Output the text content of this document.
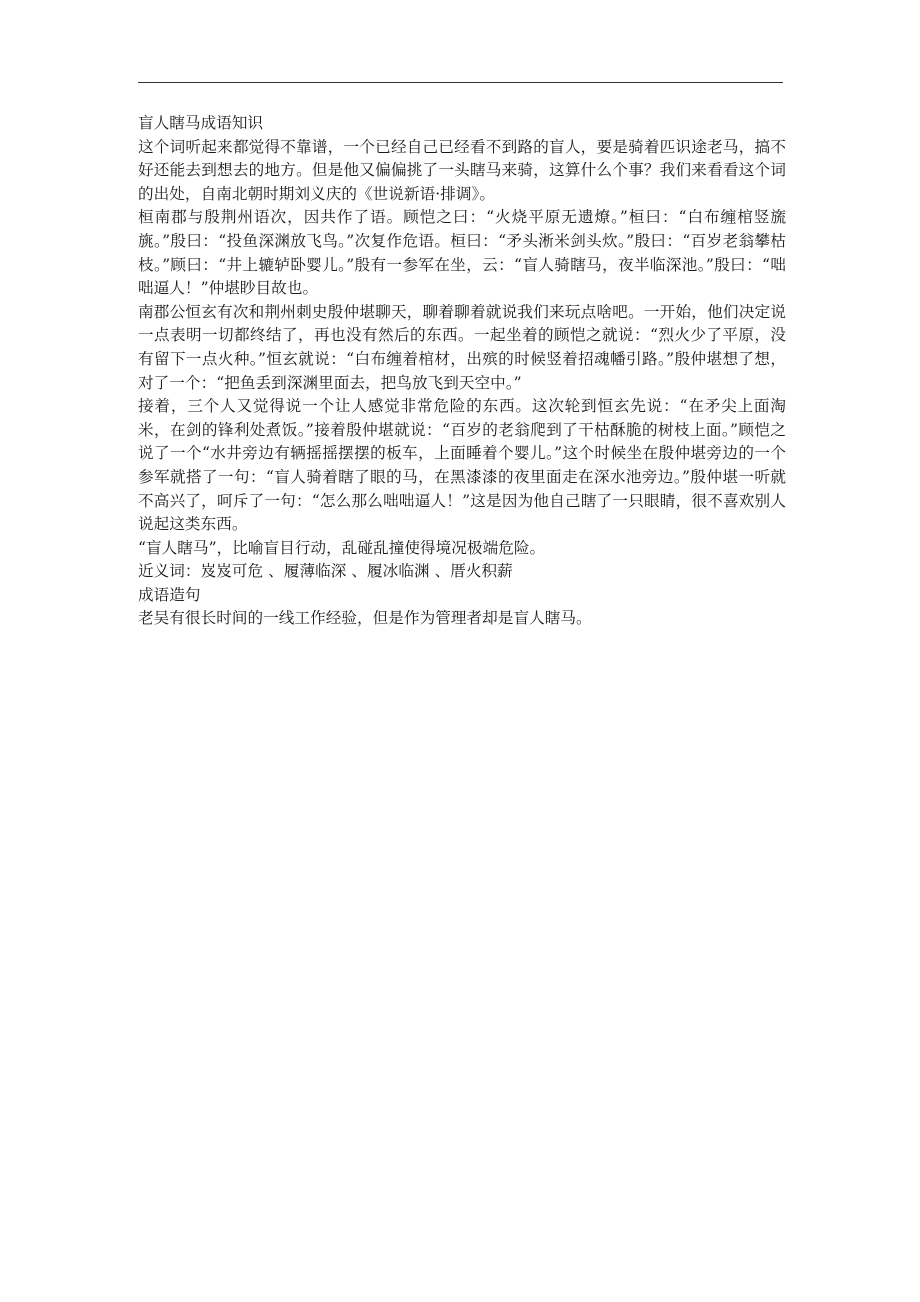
盲人瞎马成语知识

这个词听起来都觉得不靠谱，一个已经自己已经看不到路的盲人，要是骑着匹识途老马，搞不好还能去到想去的地方。但是他又偏偏挑了一头瞎马来骑，这算什么个事？我们来看看这个词的出处，自南北朝时期刘义庆的《世说新语·排调》。

桓南郡与殷荆州语次，因共作了语。顾恺之曰：“火烧平原无遗燎。”桓曰：“白布缠棺竖旒旐。”殷曰：“投鱼深渊放飞鸟。”次复作危语。桓曰：“矛头淅米剑头炊。”殷曰：“百岁老翁攀枯枝。”顾曰：“井上辘轳卧婴儿。”殷有一参军在坐，云：“盲人骑瞎马，夜半临深池。”殷曰：“咄咄逼人！”仲堪眇目故也。

南郡公恒玄有次和荆州刺史殷仲堪聊天，聊着聊着就说我们来玩点啥吧。一开始，他们决定说一点表明一切都终结了，再也没有然后的东西。一起坐着的顾恺之就说：“烈火少了平原，没有留下一点火种。”恒玄就说：“白布缠着棺材，出殡的时候竖着招魂幡引路。”殷仲堪想了想，对了一个：“把鱼丢到深渊里面去，把鸟放飞到天空中。”

接着，三个人又觉得说一个让人感觉非常危险的东西。这次轮到恒玄先说：“在矛尖上面淘米，在剑的锋利处煮饭。”接着殷仲堪就说：“百岁的老翁爬到了干枯酥脆的树枝上面。”顾恺之说了一个“水井旁边有辆摇摇摆摆的板车，上面睡着个婴儿。”这个时候坐在殷仲堪旁边的一个参军就搭了一句：“盲人骑着瞎了眼的马，在黑漆漆的夜里面走在深水池旁边。”殷仲堪一听就不高兴了，呵斥了一句：“怎么那么咄咄逼人！”这是因为他自己瞎了一只眼睛，很不喜欢别人说起这类东西。

“盲人瞎马”，比喻盲目行动，乱碰乱撞使得境况极端危险。

近义词：岌岌可危 、履薄临深 、履冰临渊 、厝火积薪

成语造句

老吴有很长时间的一线工作经验，但是作为管理者却是盲人瞎马。
